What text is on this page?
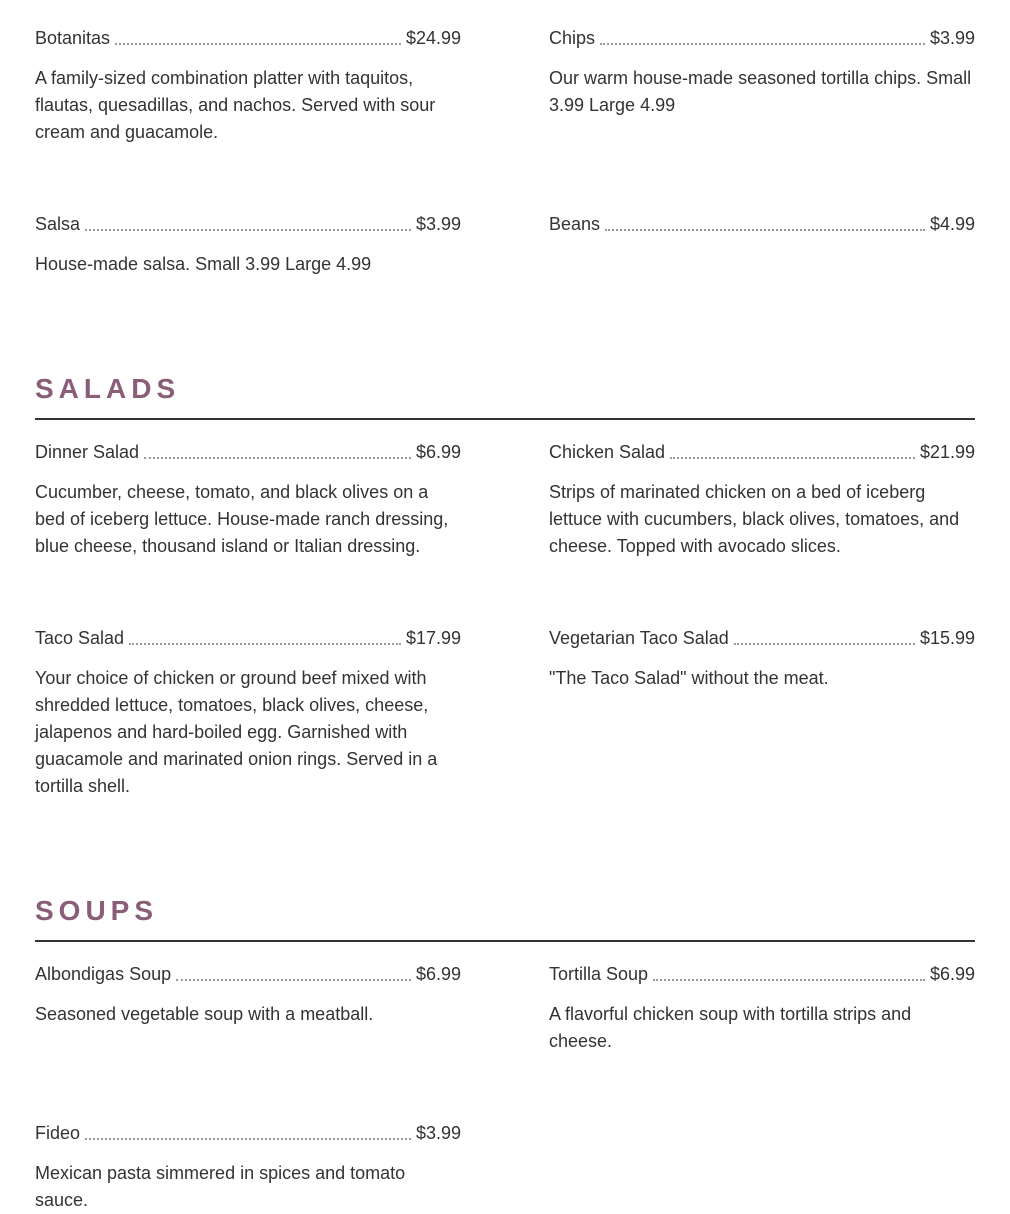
Botanitas	$24.99
A family-sized combination platter with taquitos, flautas, quesadillas, and nachos. Served with sour cream and guacamole.
Chips	$3.99
Our warm house-made seasoned tortilla chips. Small 3.99 Large 4.99
Salsa	$3.99
House-made salsa. Small 3.99 Large 4.99
Beans	$4.99
SALADS
Dinner Salad	$6.99
Cucumber, cheese, tomato, and black olives on a bed of iceberg lettuce. House-made ranch dressing, blue cheese, thousand island or Italian dressing.
Chicken Salad	$21.99
Strips of marinated chicken on a bed of iceberg lettuce with cucumbers, black olives, tomatoes, and cheese. Topped with avocado slices.
Taco Salad	$17.99
Your choice of chicken or ground beef mixed with shredded lettuce, tomatoes, black olives, cheese, jalapenos and hard-boiled egg. Garnished with guacamole and marinated onion rings. Served in a tortilla shell.
Vegetarian Taco Salad	$15.99
"The Taco Salad" without the meat.
SOUPS
Albondigas Soup	$6.99
Seasoned vegetable soup with a meatball.
Tortilla Soup	$6.99
A flavorful chicken soup with tortilla strips and cheese.
Fideo	$3.99
Mexican pasta simmered in spices and tomato sauce.
